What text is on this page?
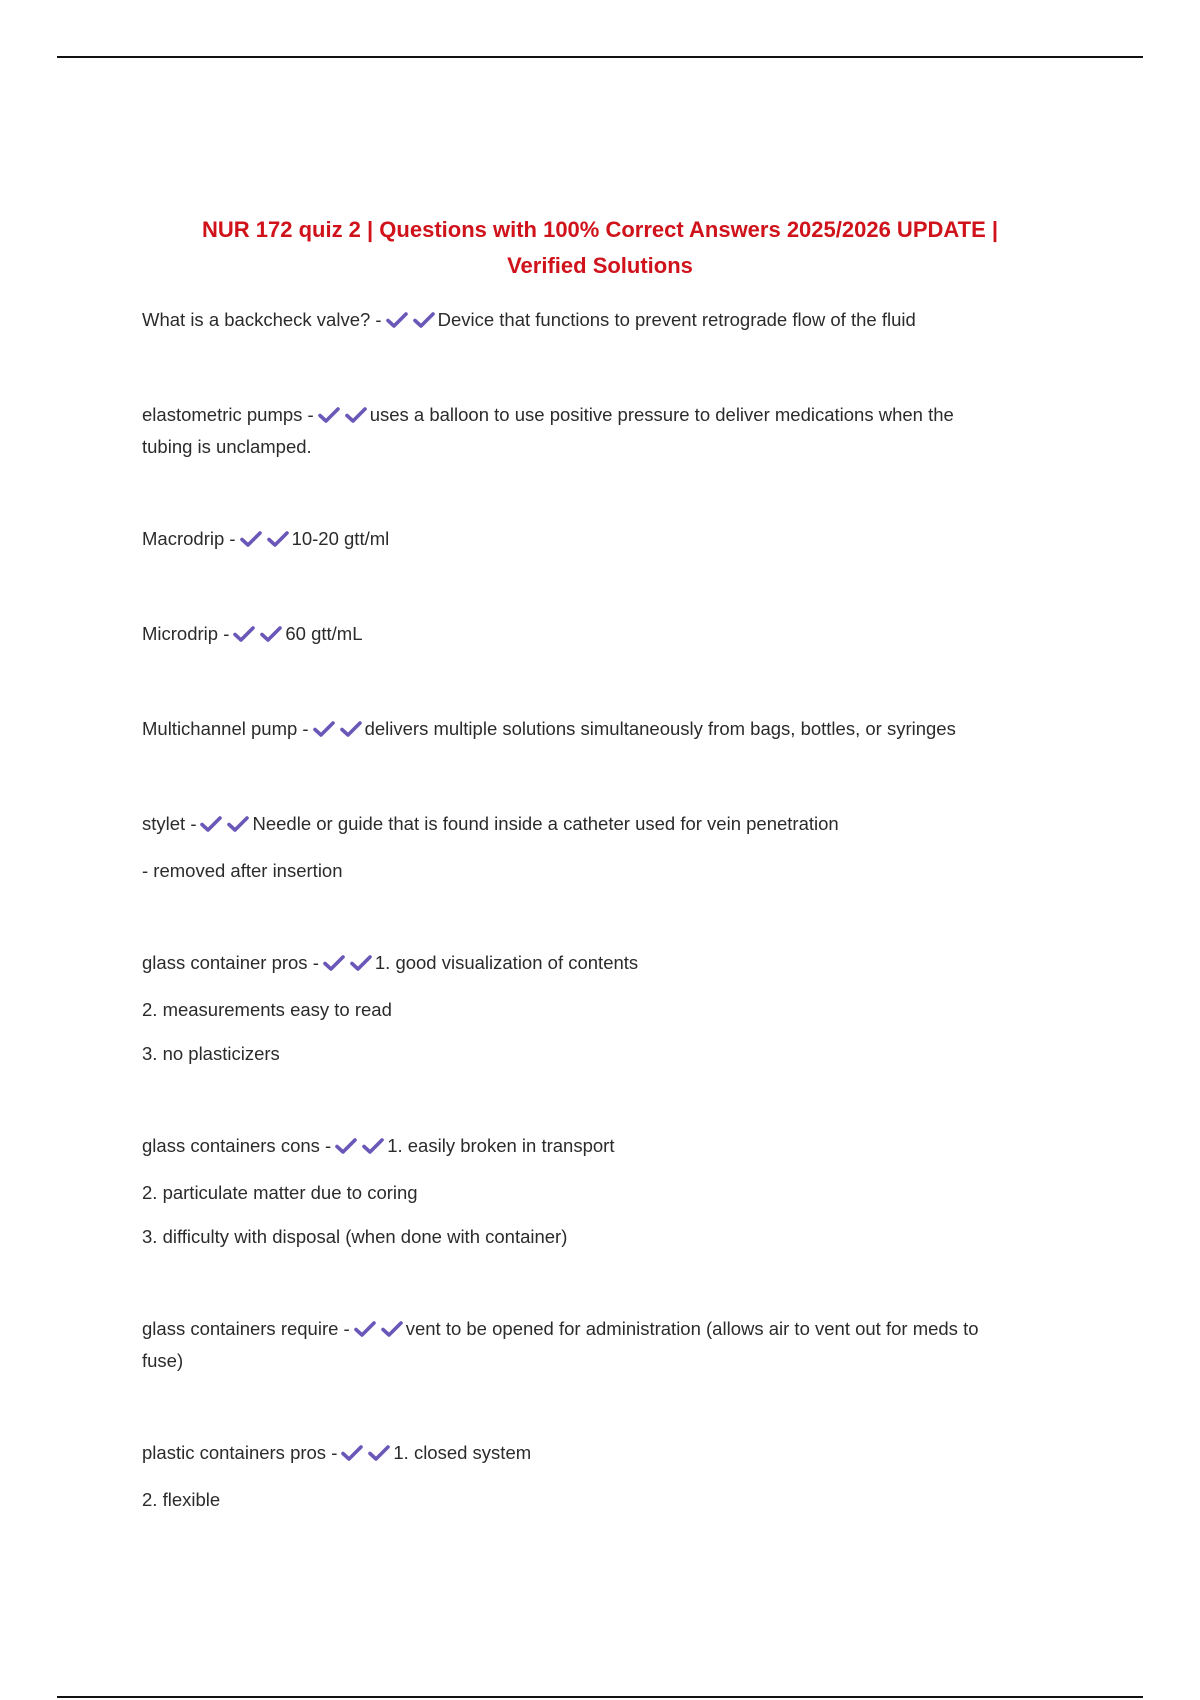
NUR 172 quiz 2 | Questions with 100% Correct Answers 2025/2026 UPDATE |
Verified Solutions
What is a backcheck valve? -	Device that functions to prevent retrograde flow of the fluid
elastometric pumps -	uses a balloon to use positive pressure to deliver medications when the
tubing is unclamped.
Macrodrip -	10-20 gtt/ml
Microdrip -	60 gtt/mL
Multichannel pump -	delivers multiple solutions simultaneously from bags, bottles, or syringes
stylet -	Needle or guide that is found inside a catheter used for vein penetration
- removed after insertion
glass container pros -	1. good visualization of contents
2. measurements easy to read
3. no plasticizers
glass containers cons -	1. easily broken in transport
2. particulate matter due to coring
3. difficulty with disposal (when done with container)
glass containers require -	vent to be opened for administration (allows air to vent out for meds to
fuse)
plastic containers pros -	1. closed system
2. flexible
